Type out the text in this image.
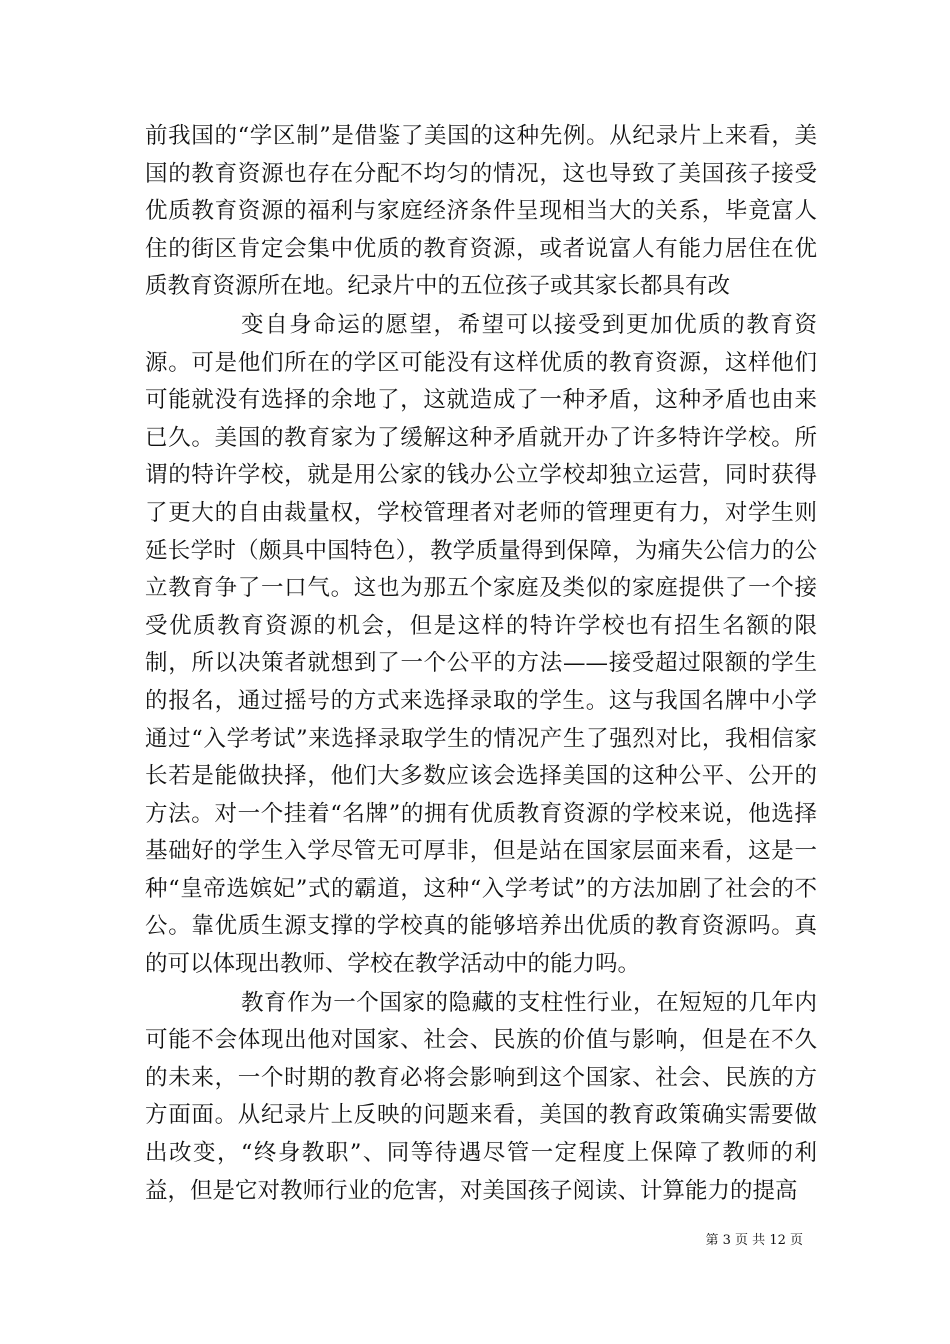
前我国的“学区制”是借鉴了美国的这种先例。从纪录片上来看，美国的教育资源也存在分配不均匀的情况，这也导致了美国孩子接受优质教育资源的福利与家庭经济条件呈现相当大的关系，毕竟富人住的街区肯定会集中优质的教育资源，或者说富人有能力居住在优质教育资源所在地。纪录片中的五位孩子或其家长都具有改

变自身命运的愿望，希望可以接受到更加优质的教育资源。可是他们所在的学区可能没有这样优质的教育资源，这样他们可能就没有选择的余地了，这就造成了一种矛盾，这种矛盾也由来已久。美国的教育家为了缓解这种矛盾就开办了许多特许学校。所谓的特许学校，就是用公家的钱办公立学校却独立运营，同时获得了更大的自由裁量权，学校管理者对老师的管理更有力，对学生则延长学时（颇具中国特色），教学质量得到保障，为痛失公信力的公立教育争了一口气。这也为那五个家庭及类似的家庭提供了一个接受优质教育资源的机会，但是这样的特许学校也有招生名额的限制，所以决策者就想到了一个公平的方法——接受超过限额的学生的报名，通过摇号的方式来选择录取的学生。这与我国名牌中小学通过“入学考试”来选择录取学生的情况产生了强烈对比，我相信家长若是能做抉择，他们大多数应该会选择美国的这种公平、公开的方法。对一个挂着“名牌”的拥有优质教育资源的学校来说，他选择基础好的学生入学尽管无可厚非，但是站在国家层面来看，这是一种“皇帝选嫔妃”式的霸道，这种“入学考试”的方法加剧了社会的不公。靠优质生源支撑的学校真的能够培养出优质的教育资源吗。真的可以体现出教师、学校在教学活动中的能力吗。

教育作为一个国家的隐藏的支柱性行业，在短短的几年内可能不会体现出他对国家、社会、民族的价值与影响，但是在不久的未来，一个时期的教育必将会影响到这个国家、社会、民族的方方面面。从纪录片上反映的问题来看，美国的教育政策确实需要做出改变，“终身教职”、同等待遇尽管一定程度上保障了教师的利益，但是它对教师行业的危害，对美国孩子阅读、计算能力的提高

第 3 页 共 12 页
